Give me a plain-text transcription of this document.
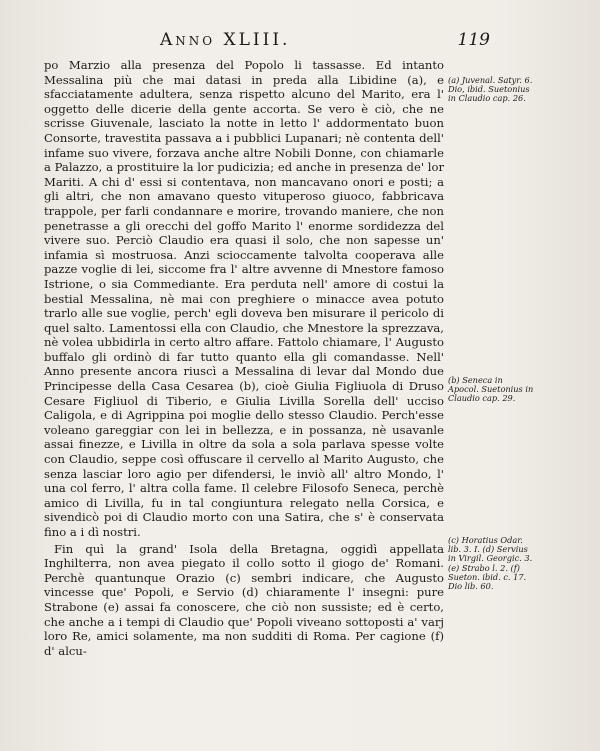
Anno XLIII.	119

po Marzio alla presenza del Popolo li tassasse. Ed intanto Messalina più che mai datasi in preda alla Libidine (a), e sfacciatamente adultera, senza rispetto alcuno del Marito, era l' oggetto delle dicerie della gente accorta. Se vero è ciò, che ne scrisse Giuvenale, lasciato la notte in letto l' addormentato buon Consorte, travestita passava a i pubblici Lupanari; nè contenta dell' infame suo vivere, forzava anche altre Nobili Donne, con chiamarle a Palazzo, a prostituire la lor pudicizia; ed anche in presenza de' lor Mariti. A chi d' essi si contentava, non mancavano onori e posti; a gli altri, che non amavano questo vituperoso giuoco, fabbricava trappole, per farli condannare e morire, trovando maniere, che non penetrasse a gli orecchi del goffo Marito l' enorme sordidezza del vivere suo. Perciò Claudio era quasi il solo, che non sapesse un' infamia sì mostruosa. Anzi scioccamente talvolta cooperava alle pazze voglie di lei, siccome fra l' altre avvenne di Mnestore famoso Istrione, o sia Commediante. Era perduta nell' amore di costui la bestial Messalina, nè mai con preghiere o minacce avea potuto trarlo alle sue voglie, perch' egli doveva ben misurare il pericolo di quel salto. Lamentossi ella con Claudio, che Mnestore la sprezzava, nè volea ubbidirla in certo altro affare. Fattolo chiamare, l' Augusto buffalo gli ordinò di far tutto quanto ella gli comandasse. Nell' Anno presente ancora riuscì a Messalina di levar dal Mondo due Principesse della Casa Cesarea (b), cioè Giulia Figliuola di Druso Cesare Figliuol di Tiberio, e Giulia Livilla Sorella dell' ucciso Caligola, e di Agrippina poi moglie dello stesso Claudio. Perch'esse voleano gareggiar con lei in bellezza, e in possanza, nè usavanle assai finezze, e Livilla in oltre da sola a sola parlava spesse volte con Claudio, seppe così offuscare il cervello al Marito Augusto, che senza lasciar loro agio per difendersi, le inviò all' altro Mondo, l' una col ferro, l' altra colla fame. Il celebre Filosofo Seneca, perchè amico di Livilla, fu in tal congiuntura relegato nella Corsica, e sivendicò poi di Claudio morto con una Satira, che s' è conservata fino a i dì nostri.

Fin quì la grand' Isola della Bretagna, oggidì appellata Inghilterra, non avea piegato il collo sotto il giogo de' Romani. Perchè quantunque Orazio (c) sembri indicare, che Augusto vincesse que' Popoli, e Servio (d) chiaramente l' insegni: pure Strabone (e) assai fa conoscere, che ciò non sussiste; ed è certo, che anche a i tempi di Claudio que' Popoli viveano sottoposti a' varj loro Re, amici solamente, ma non sudditi di Roma. Per cagione (f) d' alcu-

(a) Juvenal. Satyr. 6. Dio, ibid. Suetonius in Claudio cap. 26.
(b) Seneca in Apocol. Suetonius in Claudio cap. 29.
(c) Horatius Odar. lib. 3. I. (d) Servius in Virgil. Georgic. 3. (e) Strabo l. 2. (f) Sueton. ibid. c. 17. Dio lib. 60.
